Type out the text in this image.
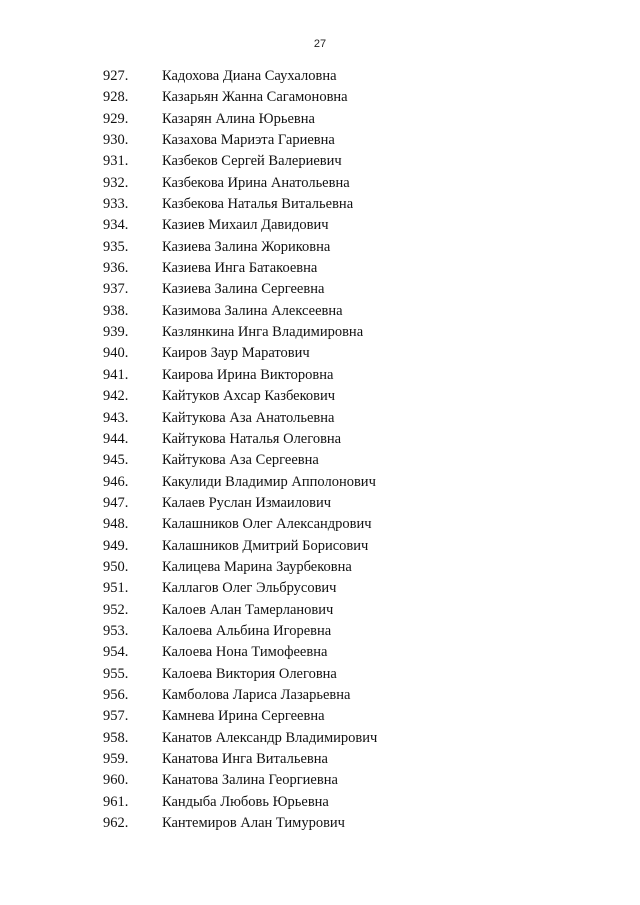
27
927. Кадохова Диана Саухаловна
928. Казарьян Жанна Сагамоновна
929. Казарян Алина Юрьевна
930. Казахова Мариэта Гариевна
931. Казбеков Сергей Валериевич
932. Казбекова Ирина Анатольевна
933. Казбекова Наталья Витальевна
934. Казиев Михаил Давидович
935. Казиева Залина Жориковна
936. Казиева Инга Батакоевна
937. Казиева Залина Сергеевна
938. Казимова Залина Алексеевна
939. Казлянкина Инга Владимировна
940. Каиров Заур Маратович
941. Каирова Ирина Викторовна
942. Кайтуков Ахсар Казбекович
943. Кайтукова Аза Анатольевна
944. Кайтукова Наталья Олеговна
945. Кайтукова Аза Сергеевна
946. Какулиди Владимир Апполонович
947. Калаев Руслан Измаилович
948. Калашников Олег Александрович
949. Калашников Дмитрий Борисович
950. Калицева Марина Заурбековна
951. Каллагов Олег Эльбрусович
952. Калоев Алан Тамерланович
953. Калоева Альбина Игоревна
954. Калоева Нона Тимофеевна
955. Калоева Виктория Олеговна
956. Камболова Лариса Лазарьевна
957. Камнева Ирина Сергеевна
958. Канатов Александр Владимирович
959. Канатова Инга Витальевна
960. Канатова Залина Георгиевна
961. Кандыба Любовь Юрьевна
962. Кантемиров Алан Тимурович
